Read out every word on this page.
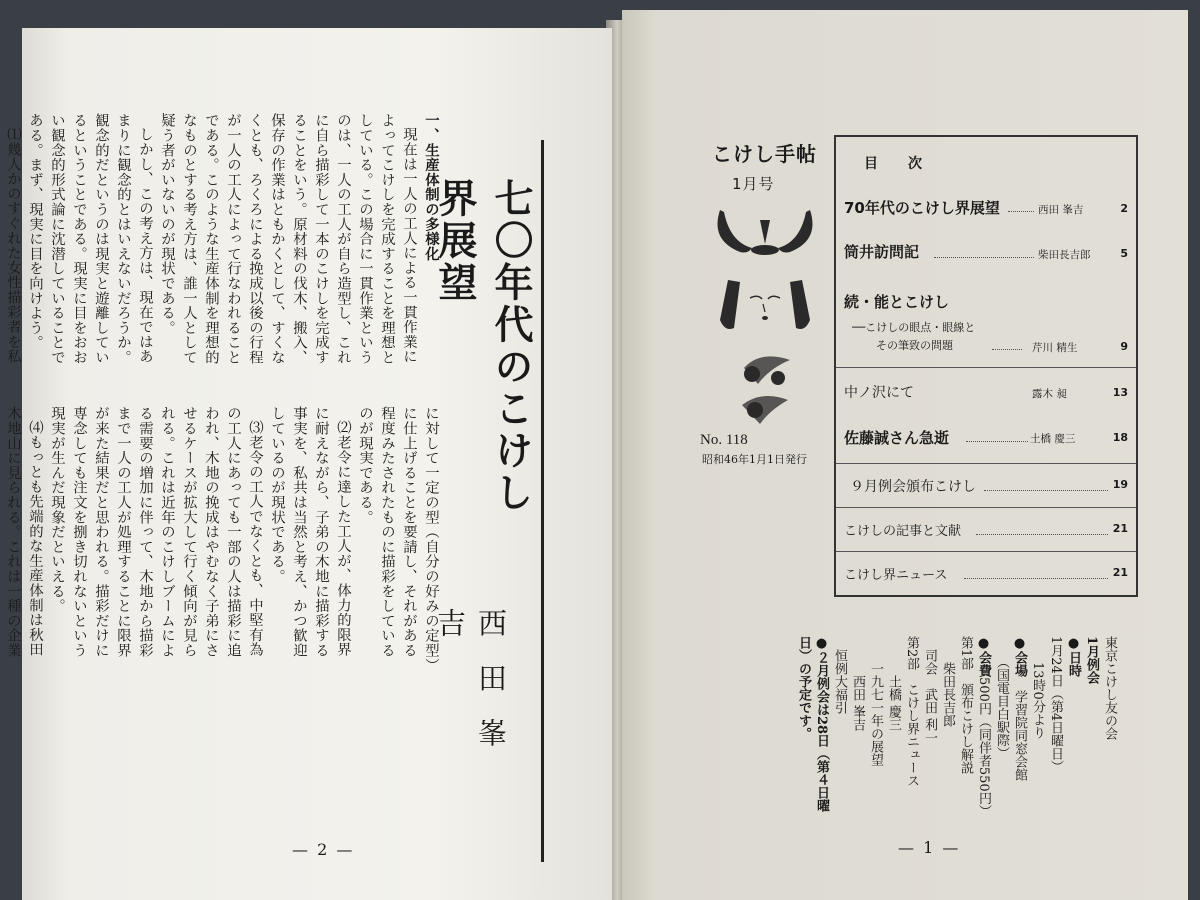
七〇年代のこけし界展望
西田峯吉

一、生産体制の多様化

現在は一人の工人による一貫作業によってこけしを完成することを理想としている。この場合に一貫作業というのは、一人の工人が自ら造型し、これに自ら描彩して一本のこけしを完成することをいう。原材料の伐木、搬入、保存の作業はともかくとして、すくなくとも、ろくろによる挽成以後の行程が一人の工人によって行なわれることである。このような生産体制を理想的なものとする考え方は、誰一人として疑う者がいないのが現状である。

しかし、この考え方は、現在ではあまりに観念的とはいえないだろうか。観念的だというのは現実と遊離しているということである。現実に目をおおい観念的形式論に沈潜していることである。まず、現実に目を向けよう。

⑴幾人かのすぐれた女性描彩者を私

に対して一定の型（自分の好みの定型）に仕上げることを要請し、それがある程度みたされたものに描彩をしているのが現実である。

⑵老令に達した工人が、体力的限界に耐えながら、子弟の木地に描彩する事実を、私共は当然と考え、かつ歓迎しているのが現状である。

⑶老令の工人でなくとも、中堅有為の工人にあっても一部の人は描彩に追われ、木地の挽成はやむなく子弟にさせるケースが拡大して行く傾向が見られる。これは近年のこけしブームによる需要の増加に伴って、木地から描彩まで一人の工人が処理することに限界が来た結果だと思われる。描彩だけに専念しても注文を捌き切れないという現実が生んだ現象だといえる。

⑷もっとも先端的な生産体制は秋田木地山に見られる。これは一種の企業

— 2 —
こけし手帖
1月号
No. 118
昭和46年1月1日発行
目次
70年代のこけし界展望	西田 峯吉	2
筒井訪問記	柴田長吉郎	5
続・能とこけし
──こけしの眼点・眼線と
その筆致の問題	芹川 精生	9
中ノ沢にて	露木 昶	13
佐藤誠さん急逝	土橋 慶三	18
９月例会頒布こけし	19
こけしの記事と文献	21
こけし界ニュース	21
東京こけし友の会
1月例会
●日時　1月24日（第4日曜日）
　　13時0分より
●会場　学習院同窓会館
　　（国電目白駅際）
●会費500円（同伴者550円）
第1部　頒布こけし解説
　　柴田長吉郎
　司会　武田 利一
第2部　こけし界ニュース
　　　土橋 慶三
　　一九七一年の展望
　　　西田 峯吉
　恒例大福引
●２月例会は28日（第４日曜日）の予定です。
— 1 —
